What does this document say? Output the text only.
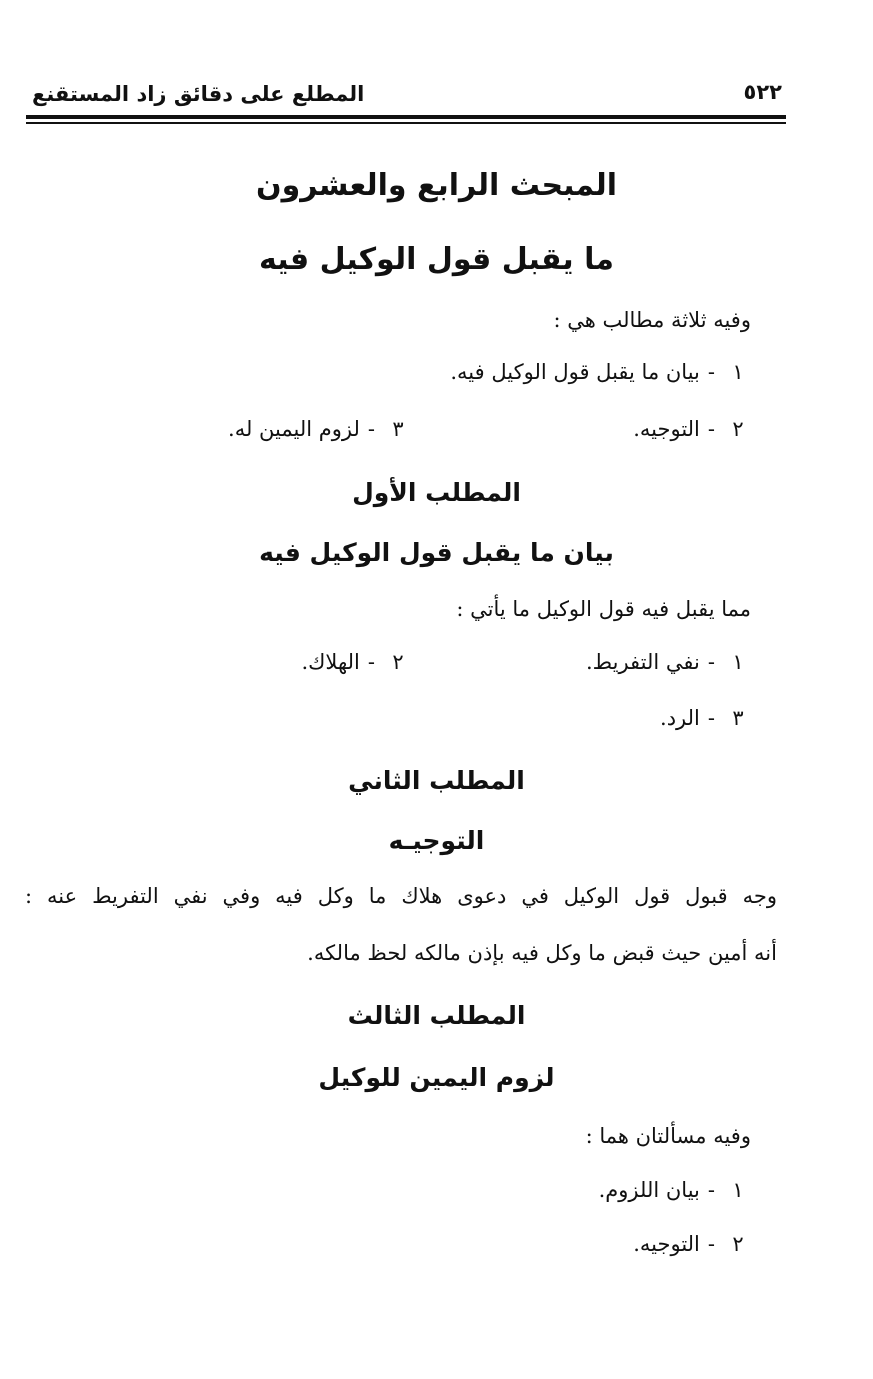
المطلع على دقائق زاد المستقنع	٥٢٢
المبحث الرابع والعشرون
ما يقبل قول الوكيل فيه
وفيه ثلاثة مطالب هي :
١-بيان ما يقبل قول الوكيل فيه.
٢-التوجيه.٣-لزوم اليمين له.
المطلب الأول
بيان ما يقبل قول الوكيل فيه
مما يقبل فيه قول الوكيل ما يأتي :
١-نفي التفريط.٢-الهلاك.
٣-الرد.
المطلب الثاني
التوجيـه
وجه قبول قول الوكيل في دعوى هلاك ما وكل فيه وفي نفي التفريط عنه :
أنه أمين حيث قبض ما وكل فيه بإذن مالكه لحظ مالكه.
المطلب الثالث
لزوم اليمين للوكيل
وفيه مسألتان هما :
١-بيان اللزوم.
٢-التوجيه.
